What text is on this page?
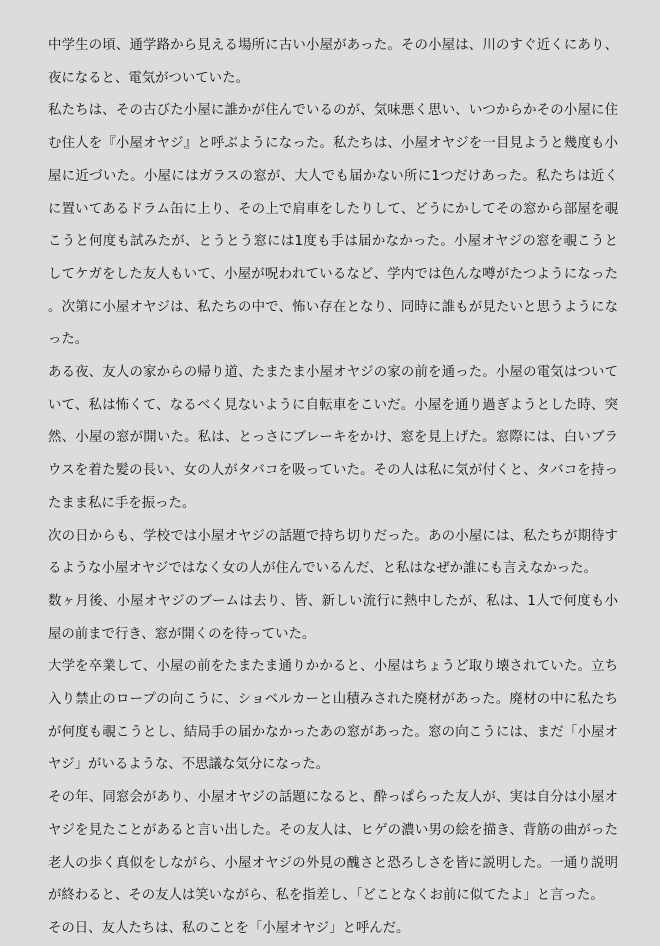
中学生の頃、通学路から見える場所に古い小屋があった。その小屋は、川のすぐ近くにあり、夜になると、電気がついていた。

私たちは、その古びた小屋に誰かが住んでいるのが、気味悪く思い、いつからかその小屋に住む住人を『小屋オヤジ』と呼ぶようになった。私たちは、小屋オヤジを一目見ようと幾度も小屋に近づいた。小屋にはガラスの窓が、大人でも届かない所に1つだけあった。私たちは近くに置いてあるドラム缶に上り、その上で肩車をしたりして、どうにかしてその窓から部屋を覗こうと何度も試みたが、とうとう窓には1度も手は届かなかった。小屋オヤジの窓を覗こうとしてケガをした友人もいて、小屋が呪われているなど、学内では色んな噂がたつようになった。次第に小屋オヤジは、私たちの中で、怖い存在となり、同時に誰もが見たいと思うようになった。

ある夜、友人の家からの帰り道、たまたま小屋オヤジの家の前を通った。小屋の電気はついていて、私は怖くて、なるべく見ないように自転車をこいだ。小屋を通り過ぎようとした時、突然、小屋の窓が開いた。私は、とっさにブレーキをかけ、窓を見上げた。窓際には、白いブラウスを着た髪の長い、女の人がタバコを吸っていた。その人は私に気が付くと、タバコを持ったまま私に手を振った。

次の日からも、学校では小屋オヤジの話題で持ち切りだった。あの小屋には、私たちが期待するような小屋オヤジではなく女の人が住んでいるんだ、と私はなぜか誰にも言えなかった。

数ヶ月後、小屋オヤジのブームは去り、皆、新しい流行に熱中したが、私は、1人で何度も小屋の前まで行き、窓が開くのを待っていた。

大学を卒業して、小屋の前をたまたま通りかかると、小屋はちょうど取り壊されていた。立ち入り禁止のロープの向こうに、ショベルカーと山積みされた廃材があった。廃材の中に私たちが何度も覗こうとし、結局手の届かなかったあの窓があった。窓の向こうには、まだ「小屋オヤジ」がいるような、不思議な気分になった。

その年、同窓会があり、小屋オヤジの話題になると、酔っぱらった友人が、実は自分は小屋オヤジを見たことがあると言い出した。その友人は、ヒゲの濃い男の絵を描き、背筋の曲がった老人の歩く真似をしながら、小屋オヤジの外見の醜さと恐ろしさを皆に説明した。一通り説明が終わると、その友人は笑いながら、私を指差し、「どことなくお前に似てたよ」と言った。

その日、友人たちは、私のことを「小屋オヤジ」と呼んだ。
